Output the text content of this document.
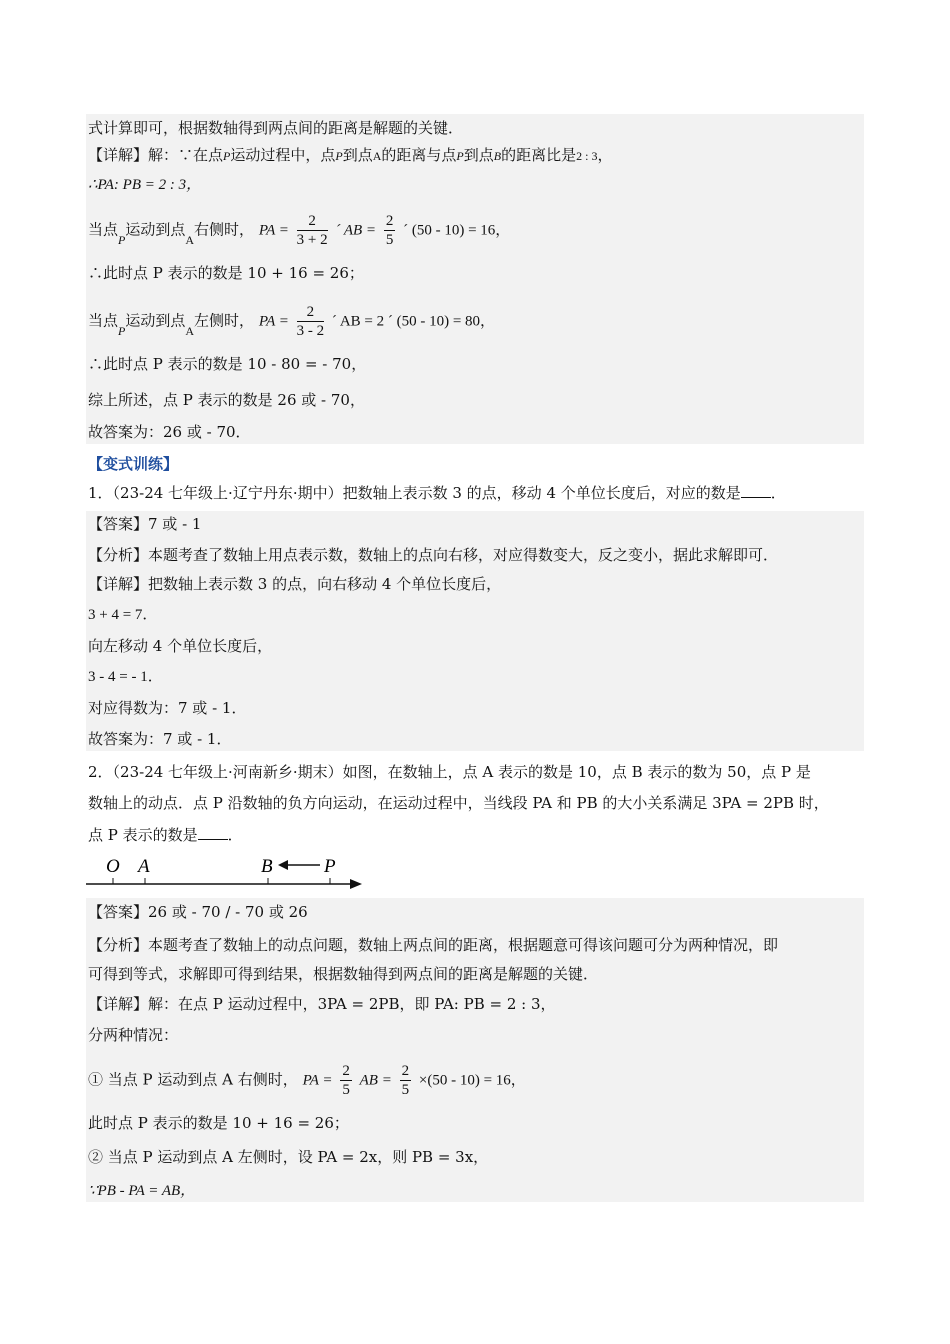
式计算即可，根据数轴得到两点间的距离是解题的关键．
【详解】解：∵在点P运动过程中，点P到点A的距离与点P到点B的距离比是2 : 3，
∴PA: PB = 2 : 3，
当点$_P$运动到点$_A$右侧时， PA = $\frac{2}{3 + 2}$ ´ AB = $\frac{2}{5}$ ´ (50 - 10) = 16，
∴此时点 P 表示的数是 10 + 16 = 26；
当点$_P$运动到点$_A$左侧时， PA = $\frac{2}{3 - 2}$ ´ AB = 2 ´ (50 - 10) = 80，
∴此时点 P 表示的数是 10 - 80 = - 70，
综上所述，点 P 表示的数是 26 或 - 70，
故答案为：26 或 - 70．
【变式训练】
1．（23-24 七年级上·辽宁丹东·期中）把数轴上表示数 3 的点，移动 4 个单位长度后，对应的数是 ．
【答案】7 或 - 1
【分析】本题考查了数轴上用点表示数，数轴上的点向右移，对应得数变大，反之变小，据此求解即可．
【详解】把数轴上表示数 3 的点，向右移动 4 个单位长度后，
3 + 4 = 7．
向左移动 4 个单位长度后，
3 - 4 = - 1．
对应得数为：7 或 - 1．
故答案为：7 或 - 1．
2．（23-24 七年级上·河南新乡·期末）如图，在数轴上，点 A 表示的数是 10，点 B 表示的数为 50，点 P 是
数轴上的动点．点 P 沿数轴的负方向运动，在运动过程中，当线段 PA 和 PB 的大小关系满足 3PA = 2PB 时，
点 P 表示的数是 ．
O A	B	P
【答案】26 或 - 70 / - 70 或 26
【分析】本题考查了数轴上的动点问题，数轴上两点间的距离，根据题意可得该问题可分为两种情况，即
可得到等式，求解即可得到结果，根据数轴得到两点间的距离是解题的关键．
【详解】解：在点 P 运动过程中，3PA = 2PB，即 PA: PB = 2 : 3，
分两种情况：
① 当点 P 运动到点 A 右侧时， PA = $\frac{2}{5}$ AB = $\frac{2}{5} \times(50 - 10) = 16$，
此时点 P 表示的数是 10 + 16 = 26；
② 当点 P 运动到点 A 左侧时，设 PA = 2x，则 PB = 3x，
∵PB - PA = AB，
